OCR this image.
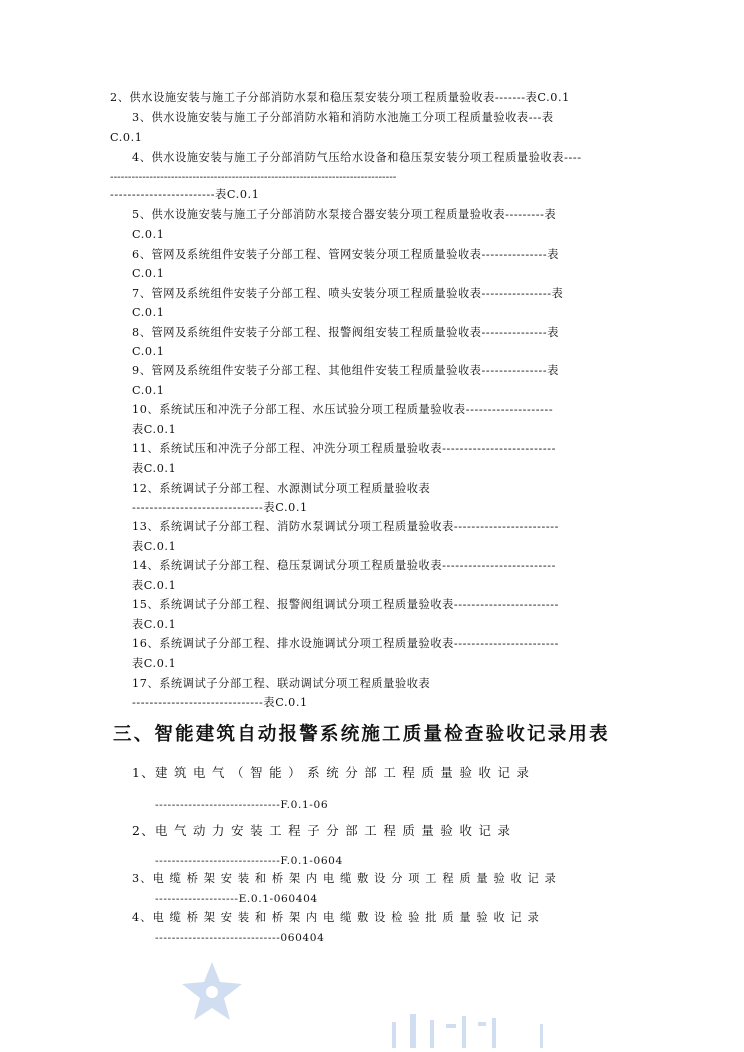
2、供水设施安装与施工子分部消防水泵和稳压泵安装分项工程质量验收表-------表C.0.1
3、供水设施安装与施工子分部消防水箱和消防水池施工分项工程质量验收表---表
C.0.1
4、供水设施安装与施工子分部消防气压给水设备和稳压泵安装分项工程质量验收表----
--------------------------------------------------------------------------------
------------------------表C.0.1
5、供水设施安装与施工子分部消防水泵接合器安装分项工程质量验收表---------表
C.0.1
6、管网及系统组件安装子分部工程、管网安装分项工程质量验收表---------------表
C.0.1
7、管网及系统组件安装子分部工程、喷头安装分项工程质量验收表----------------表
C.0.1
8、管网及系统组件安装子分部工程、报警阀组安装工程质量验收表---------------表
C.0.1
9、管网及系统组件安装子分部工程、其他组件安装工程质量验收表---------------表
C.0.1
10、系统试压和冲洗子分部工程、水压试验分项工程质量验收表--------------------
表C.0.1
11、系统试压和冲洗子分部工程、冲洗分项工程质量验收表--------------------------
表C.0.1
12、系统调试子分部工程、水源测试分项工程质量验收表
------------------------------表C.0.1
13、系统调试子分部工程、消防水泵调试分项工程质量验收表------------------------
表C.0.1
14、系统调试子分部工程、稳压泵调试分项工程质量验收表--------------------------
表C.0.1
15、系统调试子分部工程、报警阀组调试分项工程质量验收表------------------------
表C.0.1
16、系统调试子分部工程、排水设施调试分项工程质量验收表------------------------
表C.0.1
17、系统调试子分部工程、联动调试分项工程质量验收表
------------------------------表C.0.1
三、智能建筑自动报警系统施工质量检查验收记录用表
1、建 筑 电 气 （ 智 能 ） 系 统 分 部 工 程 质 量 验 收 记 录
------------------------------F.0.1-06
2、电 气 动 力 安 装 工 程 子 分 部 工 程 质 量 验 收 记 录
------------------------------F.0.1-0604
3、电 缆 桥 架 安 装 和 桥 架 内 电 缆 敷 设 分 项 工 程 质 量 验 收 记 录
--------------------E.0.1-060404
4、电 缆 桥 架 安 装 和 桥 架 内 电 缆 敷 设 检 验 批 质 量 验 收 记 录
------------------------------060404
